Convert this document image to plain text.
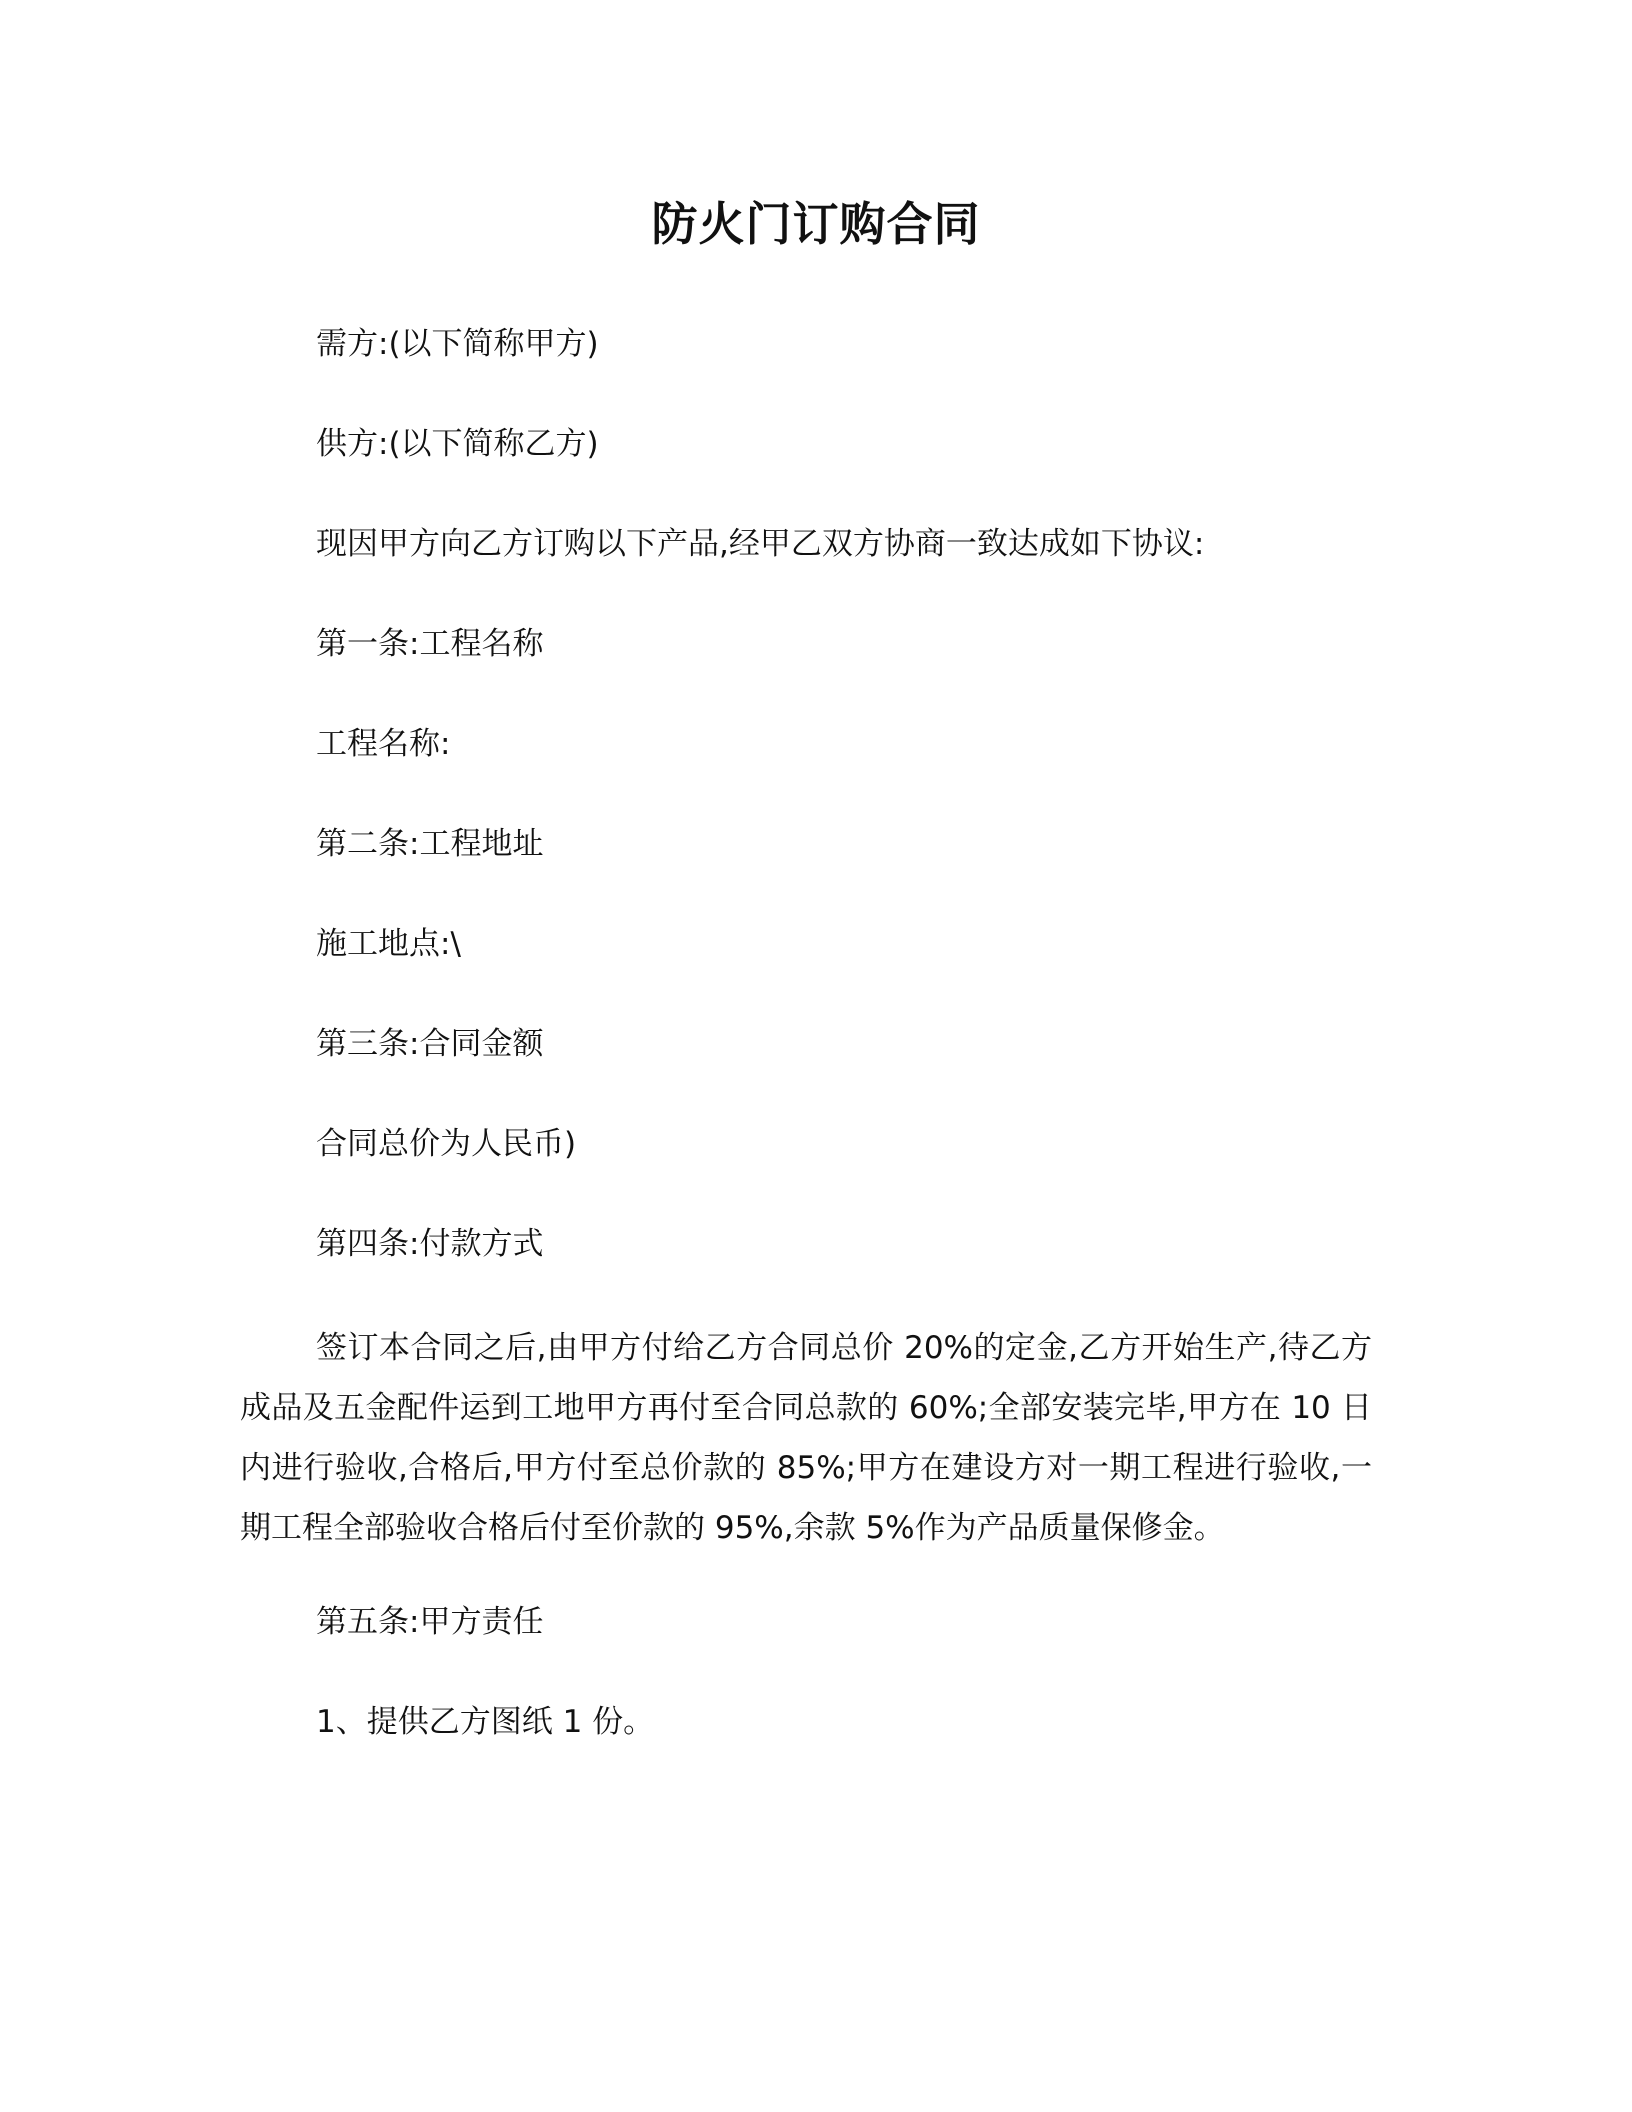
防火门订购合同
需方:(以下简称甲方)
供方:(以下简称乙方)
现因甲方向乙方订购以下产品,经甲乙双方协商一致达成如下协议:
第一条:工程名称
工程名称:
第二条:工程地址
施工地点:\
第三条:合同金额
合同总价为人民币)
第四条:付款方式
签订本合同之后,由甲方付给乙方合同总价 20%的定金,乙方开始生产,待乙方成品及五金配件运到工地甲方再付至合同总款的 60%;全部安装完毕,甲方在 10 日内进行验收,合格后,甲方付至总价款的 85%;甲方在建设方对一期工程进行验收,一期工程全部验收合格后付至价款的 95%,余款 5%作为产品质量保修金。
第五条:甲方责任
1、提供乙方图纸 1 份。
